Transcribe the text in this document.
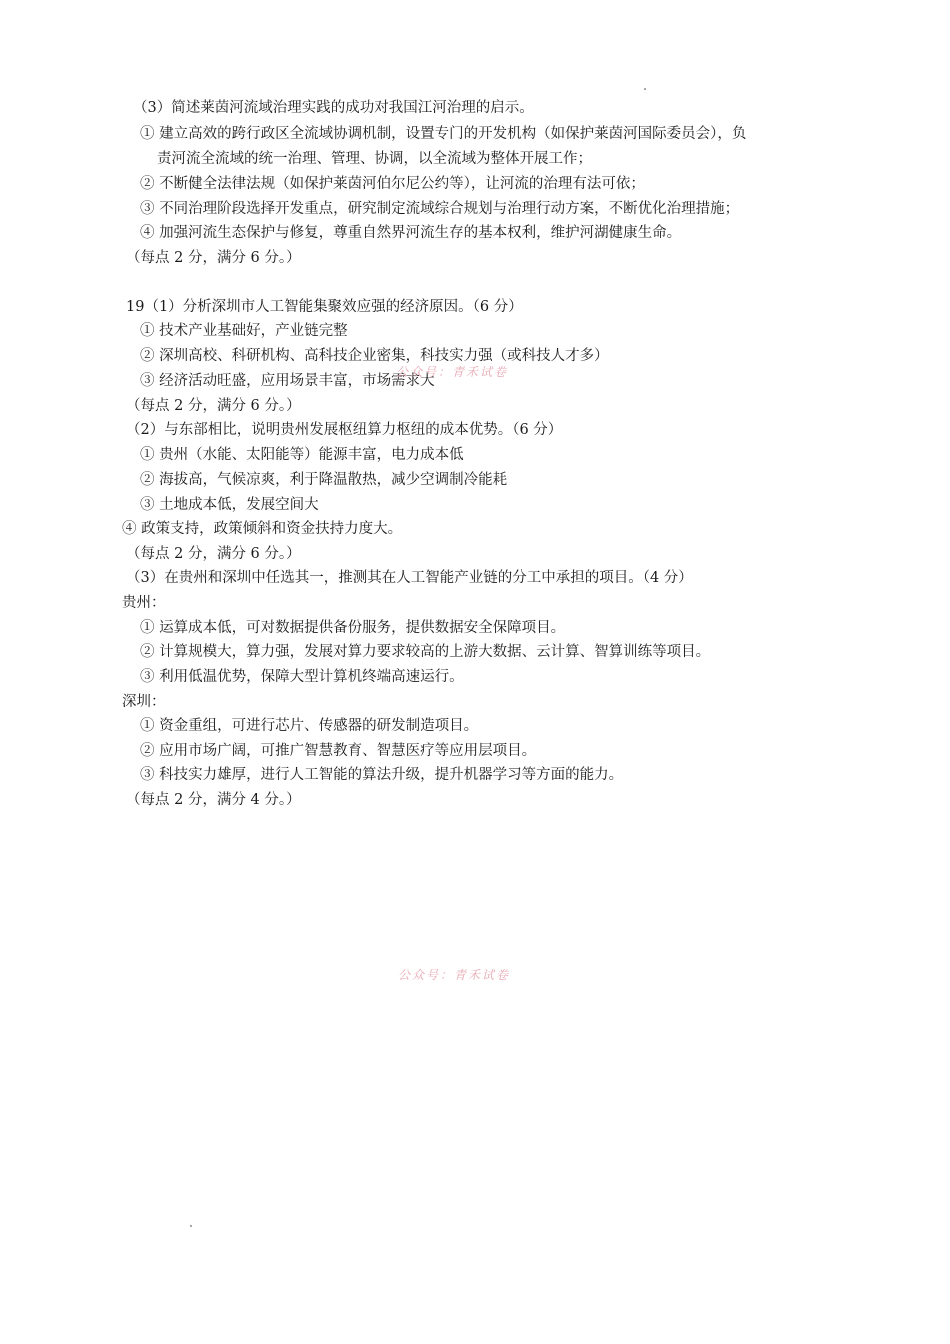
（3）简述莱茵河流域治理实践的成功对我国江河治理的启示。
① 建立高效的跨行政区全流域协调机制，设置专门的开发机构（如保护莱茵河国际委员会），负
责河流全流域的统一治理、管理、协调，以全流域为整体开展工作；
② 不断健全法律法规（如保护莱茵河伯尔尼公约等），让河流的治理有法可依；
③ 不同治理阶段选择开发重点，研究制定流域综合规划与治理行动方案，不断优化治理措施；
④ 加强河流生态保护与修复，尊重自然界河流生存的基本权利，维护河湖健康生命。
（每点 2 分，满分 6 分。）
19（1）分析深圳市人工智能集聚效应强的经济原因。（6 分）
① 技术产业基础好，产业链完整
② 深圳高校、科研机构、高科技企业密集，科技实力强（或科技人才多）
③ 经济活动旺盛，应用场景丰富，市场需求大
公众号：青禾试卷
（每点 2 分，满分 6 分。）
（2）与东部相比，说明贵州发展枢纽算力枢纽的成本优势。（6 分）
① 贵州（水能、太阳能等）能源丰富，电力成本低
② 海拔高，气候凉爽，利于降温散热，减少空调制冷能耗
③ 土地成本低，发展空间大
④ 政策支持，政策倾斜和资金扶持力度大。
（每点 2 分，满分 6 分。）
（3）在贵州和深圳中任选其一，推测其在人工智能产业链的分工中承担的项目。（4 分）
贵州：
① 运算成本低，可对数据提供备份服务，提供数据安全保障项目。
② 计算规模大，算力强，发展对算力要求较高的上游大数据、云计算、智算训练等项目。
③ 利用低温优势，保障大型计算机终端高速运行。
深圳：
① 资金重组，可进行芯片、传感器的研发制造项目。
② 应用市场广阔，可推广智慧教育、智慧医疗等应用层项目。
③ 科技实力雄厚，进行人工智能的算法升级，提升机器学习等方面的能力。
（每点 2 分，满分 4 分。）
公众号：青禾试卷
